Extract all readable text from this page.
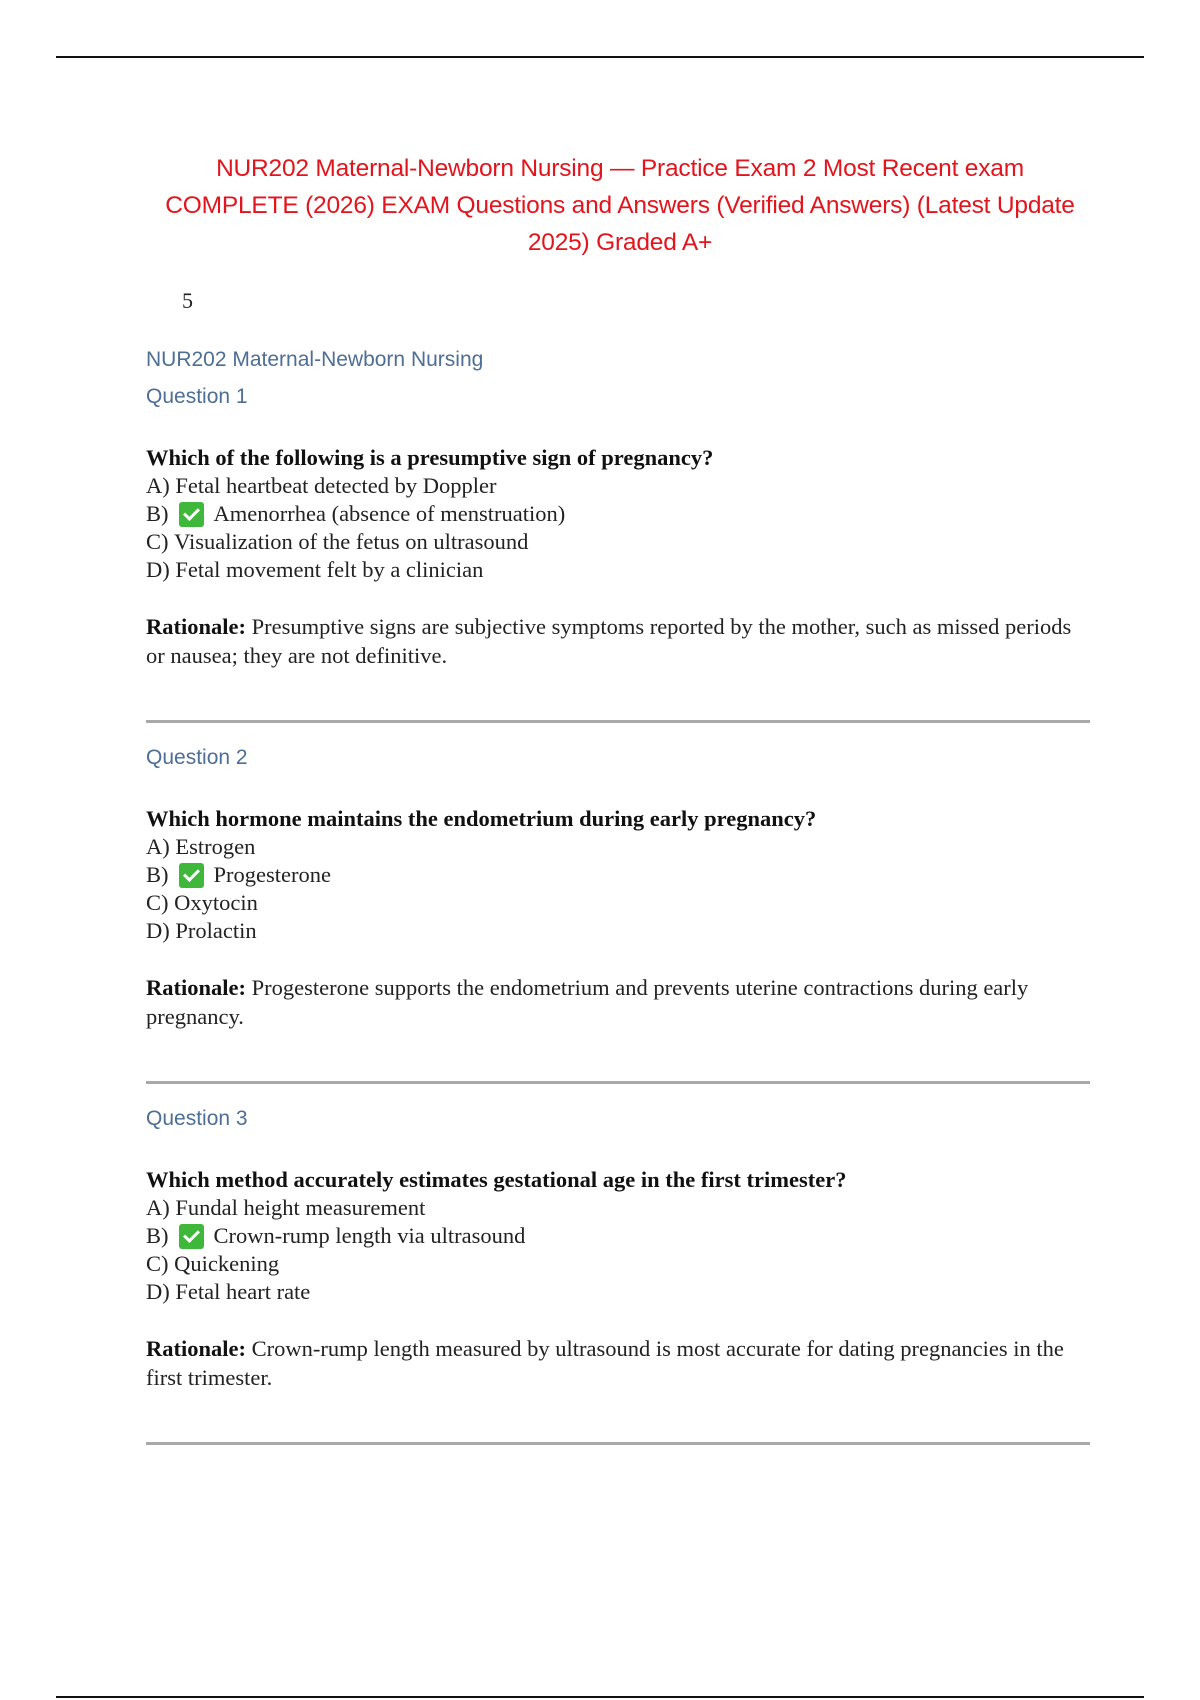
NUR202 Maternal-Newborn Nursing — Practice Exam 2 Most Recent exam
COMPLETE (2026) EXAM Questions and Answers (Verified Answers) (Latest Update
2025) Graded A+
5
NUR202 Maternal-Newborn Nursing
Question 1
Which of the following is a presumptive sign of pregnancy?
A)
Fetal heartbeat detected by Doppler
B) Amenorrhea (absence of menstruation)
C)
Visualization of the fetus on ultrasound
D)
Fetal movement felt by a clinician
Rationale: Presumptive signs are subjective symptoms reported by the mother, such as missed periods or nausea; they are not definitive.
Question 2
Which hormone maintains the endometrium during early pregnancy?
A)
Estrogen
B) Progesterone
C)
Oxytocin
D)
Prolactin
Rationale: Progesterone supports the endometrium and prevents uterine contractions during early pregnancy.
Question 3
Which method accurately estimates gestational age in the first trimester?
A)
Fundal height measurement
B) Crown-rump length via ultrasound
C)
Quickening
D)
Fetal heart rate
Rationale: Crown-rump length measured by ultrasound is most accurate for dating pregnancies in the first trimester.
